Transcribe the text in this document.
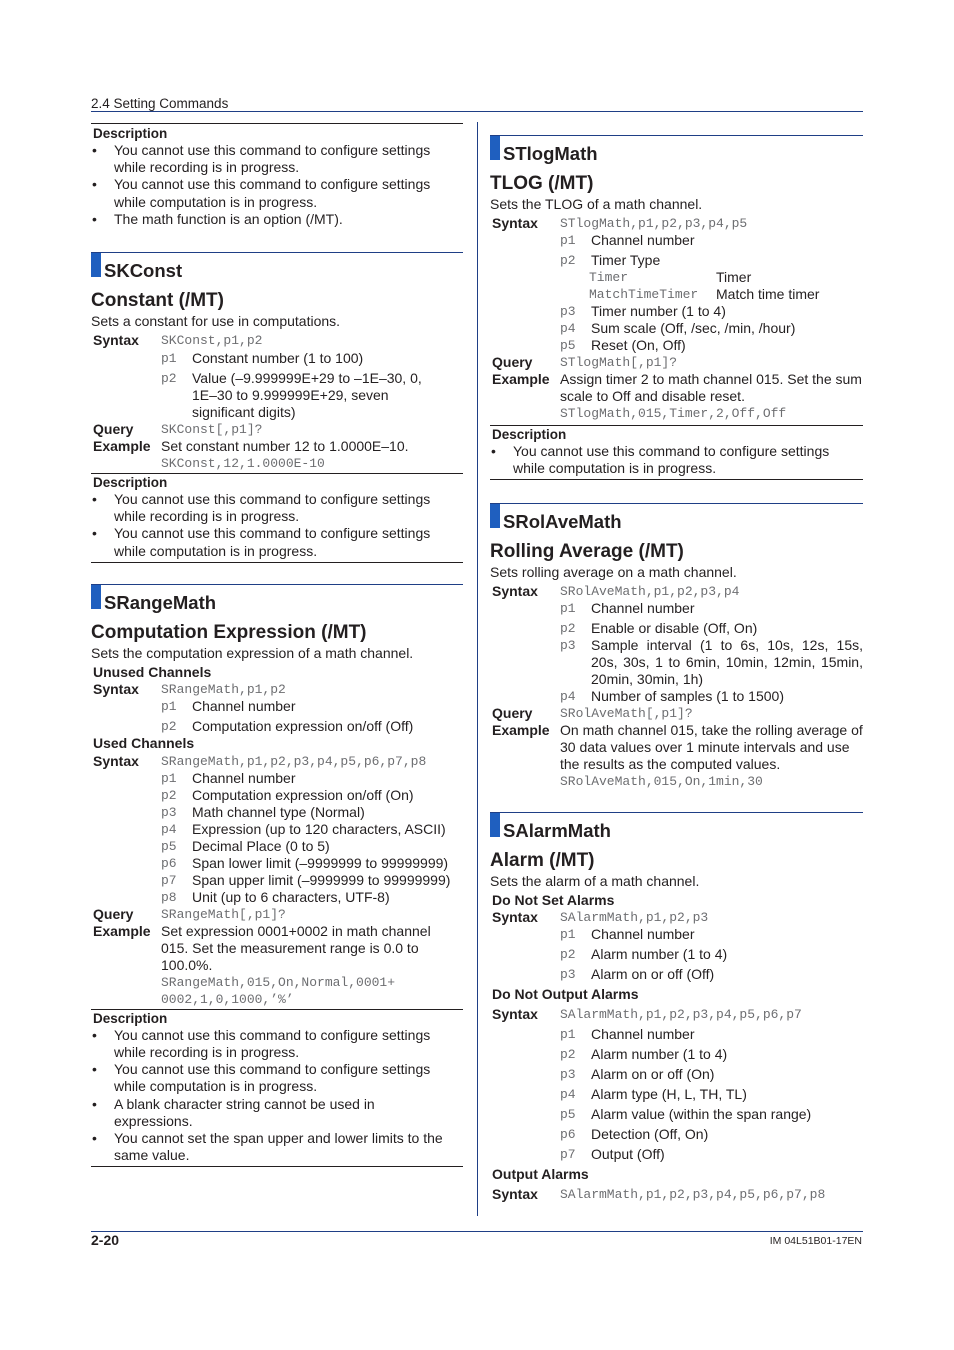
2.4 Setting Commands
Description
• You cannot use this command to configure settings while recording is in progress.
• You cannot use this command to configure settings while computation is in progress.
• The math function is an option (/MT).
SKConst
Constant (/MT)
Sets a constant for use in computations.
Syntax	SKConst,p1,p2
p1	Constant number (1 to 100)
p2	Value (–9.999999E+29 to –1E–30, 0, 1E–30 to 9.999999E+29, seven significant digits)
Query	SKConst[,p1]?
Example Set constant number 12 to 1.0000E–10.
SKConst,12,1.0000E-10
Description
• You cannot use this command to configure settings while recording is in progress.
• You cannot use this command to configure settings while computation is in progress.
SRangeMath
Computation Expression (/MT)
Sets the computation expression of a math channel.
Unused Channels
Syntax	SRangeMath,p1,p2
p1	Channel number
p2	Computation expression on/off (Off)
Used Channels
Syntax	SRangeMath,p1,p2,p3,p4,p5,p6,p7,p8
p1	Channel number
p2	Computation expression on/off (On)
p3	Math channel type (Normal)
p4	Expression (up to 120 characters, ASCII)
p5	Decimal Place (0 to 5)
p6	Span lower limit (–9999999 to 99999999)
p7	Span upper limit (–9999999 to 99999999)
p8	Unit (up to 6 characters, UTF-8)
Query	SRangeMath[,p1]?
Example Set expression 0001+0002 in math channel 015. Set the measurement range is 0.0 to 100.0%.
SRangeMath,015,On,Normal,0001+
0002,1,0,1000,’%’
Description
• You cannot use this command to configure settings while recording is in progress.
• You cannot use this command to configure settings while computation is in progress.
• A blank character string cannot be used in expressions.
• You cannot set the span upper and lower limits to the same value.
STlogMath
TLOG (/MT)
Sets the TLOG of a math channel.
Syntax	STlogMath,p1,p2,p3,p4,p5
p1	Channel number
p2	Timer Type
Timer	Timer
MatchTimeTimer	Match time timer
p3	Timer number (1 to 4)
p4	Sum scale (Off, /sec, /min, /hour)
p5	Reset (On, Off)
Query	STlogMath[,p1]?
Example Assign timer 2 to math channel 015. Set the sum scale to Off and disable reset.
STlogMath,015,Timer,2,Off,Off
Description
• You cannot use this command to configure settings while computation is in progress.
SRolAveMath
Rolling Average (/MT)
Sets rolling average on a math channel.
Syntax	SRolAveMath,p1,p2,p3,p4
p1	Channel number
p2	Enable or disable (Off, On)
p3	Sample interval (1 to 6s, 10s, 12s, 15s, 20s, 30s, 1 to 6min, 10min, 12min, 15min, 20min, 30min, 1h)
p4	Number of samples (1 to 1500)
Query	SRolAveMath[,p1]?
Example On math channel 015, take the rolling average of 30 data values over 1 minute intervals and use the results as the computed values.
SRolAveMath,015,On,1min,30
SAlarmMath
Alarm (/MT)
Sets the alarm of a math channel.
Do Not Set Alarms
Syntax	SAlarmMath,p1,p2,p3
p1	Channel number
p2	Alarm number (1 to 4)
p3	Alarm on or off (Off)
Do Not Output Alarms
Syntax	SAlarmMath,p1,p2,p3,p4,p5,p6,p7
p1	Channel number
p2	Alarm number (1 to 4)
p3	Alarm on or off (On)
p4	Alarm type (H, L, TH, TL)
p5	Alarm value (within the span range)
p6	Detection (Off, On)
p7	Output (Off)
Output Alarms
Syntax	SAlarmMath,p1,p2,p3,p4,p5,p6,p7,p8
2-20	IM 04L51B01-17EN
